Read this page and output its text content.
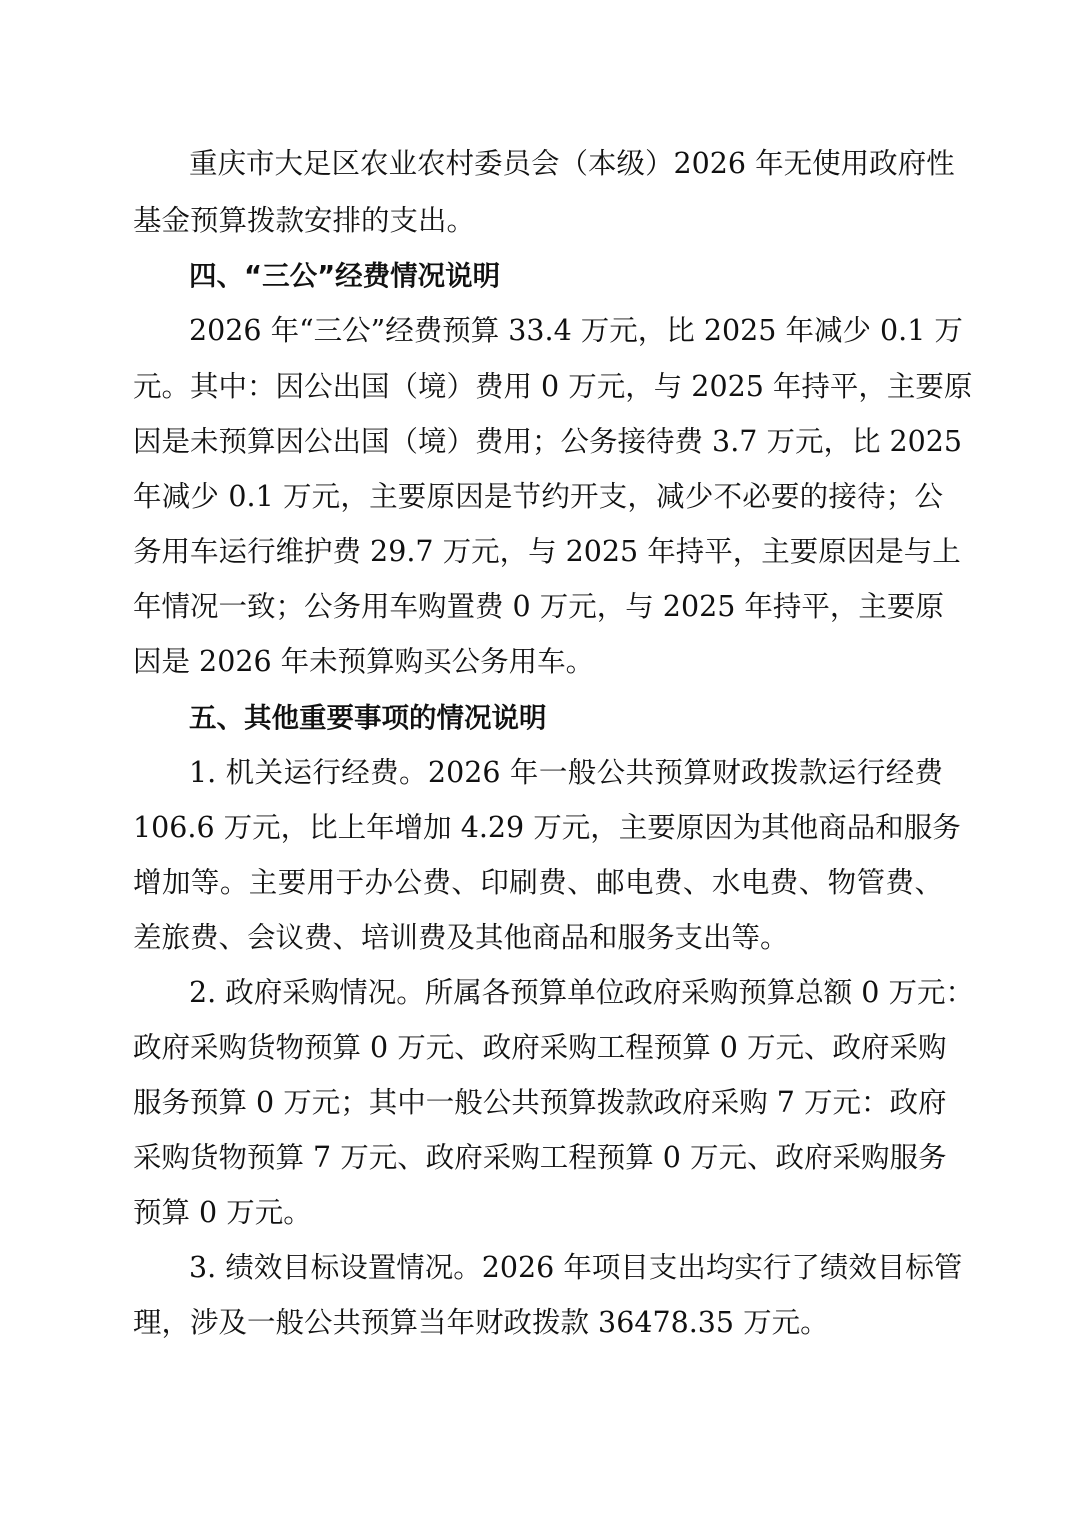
重庆市大足区农业农村委员会（本级）2026 年无使用政府性
基金预算拨款安排的支出。
四、“三公”经费情况说明
2026 年“三公”经费预算 33.4 万元，比 2025 年减少 0.1 万
元。其中：因公出国（境）费用 0 万元，与 2025 年持平，主要原
因是未预算因公出国（境）费用；公务接待费 3.7 万元，比 2025
年减少 0.1 万元，主要原因是节约开支，减少不必要的接待；公
务用车运行维护费 29.7 万元，与 2025 年持平，主要原因是与上
年情况一致；公务用车购置费 0 万元，与 2025 年持平，主要原
因是 2026 年未预算购买公务用车。
五、其他重要事项的情况说明
1. 机关运行经费。2026 年一般公共预算财政拨款运行经费
106.6 万元，比上年增加 4.29 万元，主要原因为其他商品和服务
增加等。主要用于办公费、印刷费、邮电费、水电费、物管费、
差旅费、会议费、培训费及其他商品和服务支出等。
2. 政府采购情况。所属各预算单位政府采购预算总额 0 万元：
政府采购货物预算 0 万元、政府采购工程预算 0 万元、政府采购
服务预算 0 万元；其中一般公共预算拨款政府采购 7 万元：政府
采购货物预算 7 万元、政府采购工程预算 0 万元、政府采购服务
预算 0 万元。
3. 绩效目标设置情况。2026 年项目支出均实行了绩效目标管
理，涉及一般公共预算当年财政拨款 36478.35 万元。
